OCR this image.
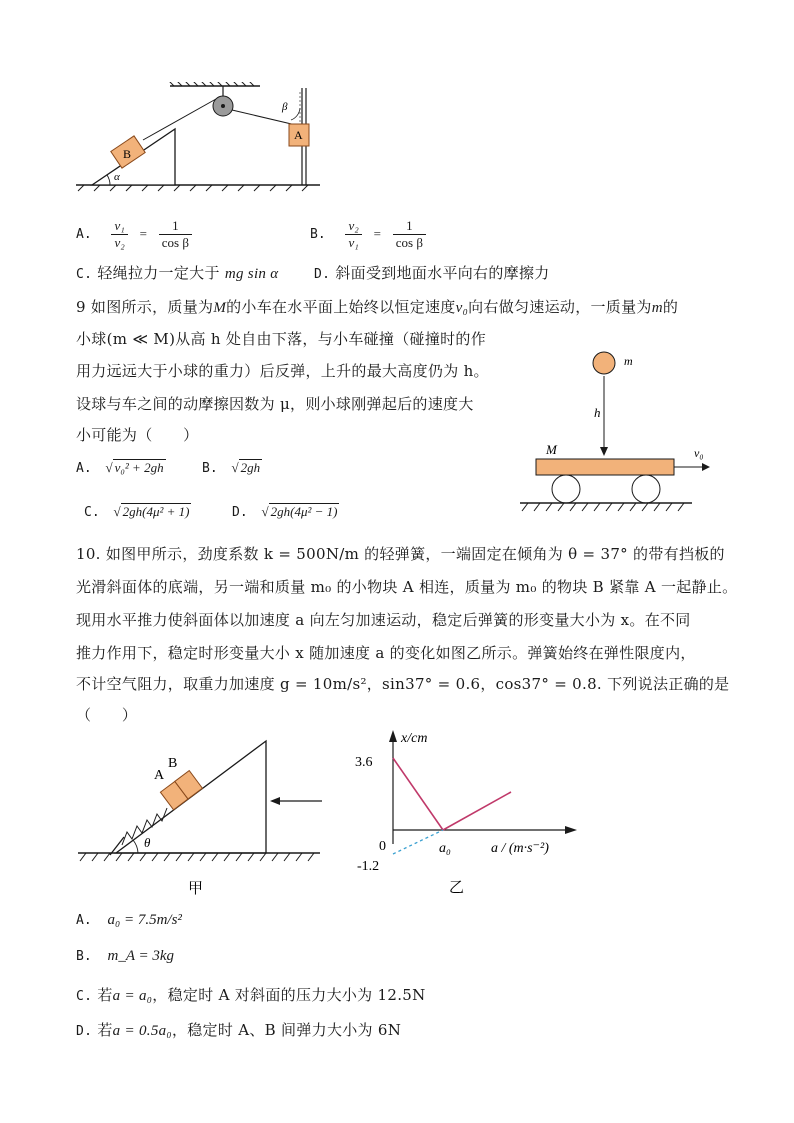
α
B
β
A
A. $\frac{\text{v₁}}{\text{v₂}} = \frac{1}{\text{cos β}}$	B. $\frac{\text{v₂}}{\text{v₁}} = \frac{1}{\text{cos β}}$
C. 轻绳拉力一定大于 mg sin α	D. 斜面受到地面水平向右的摩擦力
9 如图所示，质量为M的小车在水平面上始终以恒定速度v₀向右做匀速运动，一质量为m的
小球(m ≪ M)从高 h 处自由下落，与小车碰撞（碰撞时的作
用力远远大于小球的重力）后反弹，上升的最大高度仍为 h。
设球与车之间的动摩擦因数为 μ，则小球刚弹起后的速度大
小可能为（　　）
A. √ v₀² + 2gh	B. √ 2gh
C. √ 2gh(4μ² + 1)	D. √ 2gh(4μ² − 1)
m
h
M	v₀
10. 如图甲所示，劲度系数 k = 500N/m 的轻弹簧，一端固定在倾角为 θ = 37° 的带有挡板的
光滑斜面体的底端，另一端和质量 m₀ 的小物块 A 相连，质量为 m₀ 的物块 B 紧靠 A 一起静止。
现用水平推力使斜面体以加速度 a 向左匀加速运动，稳定后弹簧的形变量大小为 x。在不同
推力作用下，稳定时形变量大小 x 随加速度 a 的变化如图乙所示。弹簧始终在弹性限度内，
不计空气阻力，取重力加速度 g = 10m/s²，sin37° = 0.6，cos37° = 0.8. 下列说法正确的是
（　　）
A
B
θ
甲
x/cm
3.6
0
-1.2
a₀	a / (m·s⁻²)
乙
A. a₀ = 7.5m/s²
B. m_A = 3kg
C. 若a = a₀，稳定时 A 对斜面的压力大小为 12.5N
D. 若a = 0.5a₀，稳定时 A、B 间弹力大小为 6N
